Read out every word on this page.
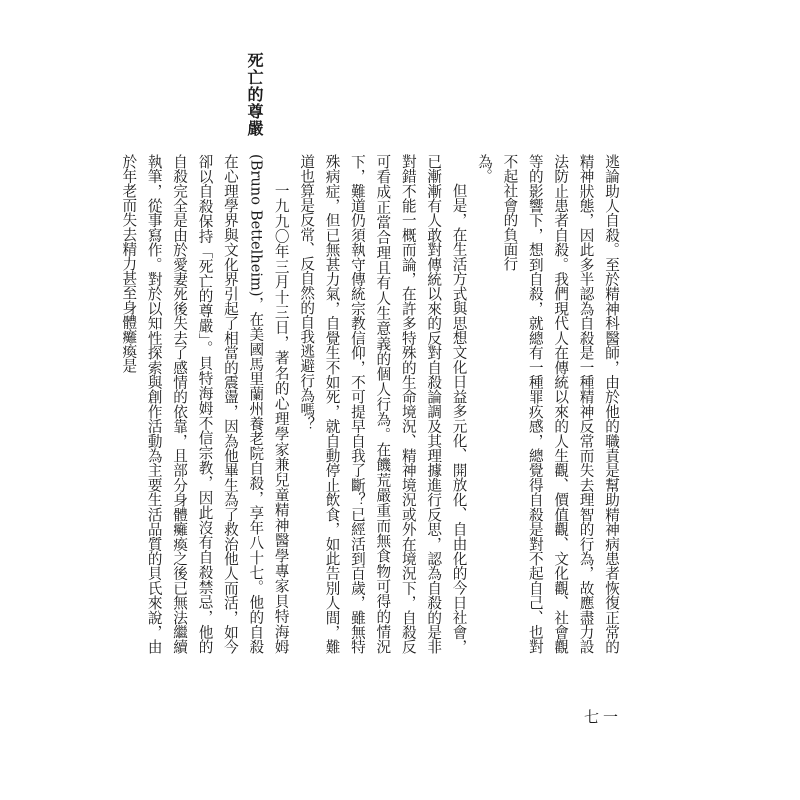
死亡的尊嚴

逃論助人自殺。至於精神科醫師，由於他的職責是幫助精神病患者恢復正常的精神狀態，因此多半認為自殺是一種精神反常而失去理智的行為，故應盡力設法防止患者自殺。我們現代人在傳統以來的人生觀、價值觀、文化觀、社會觀等的影響下，想到自殺，就總有一種罪疚感，總覺得自殺是對不起自己、也對不起社會的負面行

為。

但是，在生活方式與思想文化日益多元化、開放化、自由化的今日社會，已漸漸有人敢對傳統以來的反對自殺論調及其理據進行反思，認為自殺的是非對錯不能一概而論，在許多特殊的生命境況、精神境況或外在境況下，自殺反可看成正當合理且有人生意義的個人行為。在饑荒嚴重而無食物可得的情況下，難道仍須執守傳統宗教信仰，不可提早自我了斷？已經活到百歲，雖無特殊病症，但已無甚力氣，自覺生不如死，就自動停止飲食，如此告別人間，難道也算是反常、反自然的自我逃避行為嗎？

一九九〇年三月十三日，著名的心理學家兼兒童精神醫學專家貝特海姆(Bruno Bettelheim)，在美國馬里蘭州養老院自殺，享年八十七。他的自殺在心理學界與文化界引起了相當的震盪，因為他畢生為了救治他人而活，如今卻以自殺保持「死亡的尊嚴」。貝特海姆不信宗教，因此沒有自殺禁忌，他的自殺完全是由於愛妻死後失去了感情的依靠，且部分身體癱瘓之後已無法繼續執筆，從事寫作。對於以知性探索與創作活動為主要生活品質的貝氏來說，由於年老而失去精力甚至身體癱瘓是

七一
